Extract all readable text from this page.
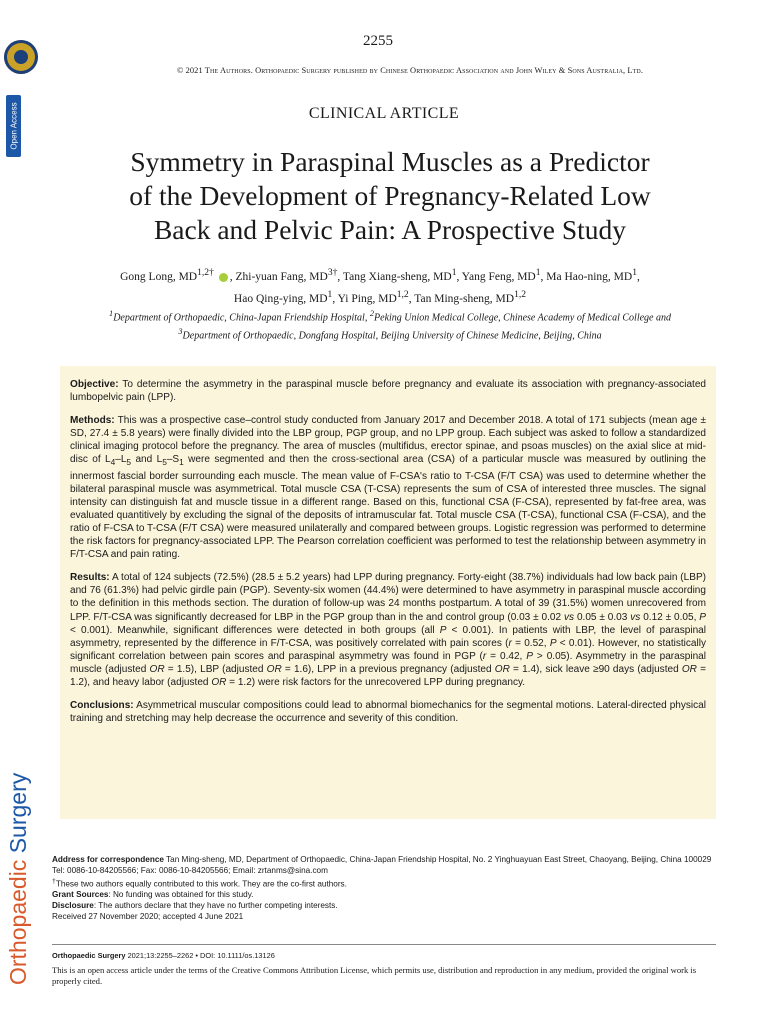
Open Access
Orthopaedic Surgery
2255
© 2021 The Authors. Orthopaedic Surgery published by Chinese Orthopaedic Association and John Wiley & Sons Australia, Ltd.
CLINICAL ARTICLE
Symmetry in Paraspinal Muscles as a Predictor
of the Development of Pregnancy-Related Low
Back and Pelvic Pain: A Prospective Study
Gong Long, $MD^{1,2\dagger}$ , Zhi-yuan Fang, $MD^{3\dagger}$, Tang Xiang-sheng, $MD^1$, Yang Feng, $MD^1$, Ma Hao-ning, $MD^1$,
Hao Qing-ying, $MD^1$, Yi Ping, MD$^{1,2}$, Tan Ming-sheng, MD$^{1,2}$
$^1$Department of Orthopaedic, China-Japan Friendship Hospital, $^2$Peking Union Medical College, Chinese Academy of Medical College and
$^3$Department of Orthopaedic, Dongfang Hospital, Beijing University of Chinese Medicine, Beijing, China

Objective: To determine the asymmetry in the paraspinal muscle before pregnancy and evaluate its association with pregnancy-associated lumbopelvic pain (LPP).

Methods: This was a prospective case–control study conducted from January 2017 and December 2018. A total of 171 subjects (mean age ± SD, 27.4 ± 5.8 years) were finally divided into the LBP group, PGP group, and no LPP group. Each subject was asked to follow a standardized clinical imaging protocol before the pregnancy. The area of muscles (multifidus, erector spinae, and psoas muscles) on the axial slice at mid-disc of $L_4-L_5$ and $L_5-S_1$ were segmented and then the cross-sectional area (CSA) of a particular muscle was measured by outlining the innermost fascial border surrounding each muscle. The mean value of F-CSA's ratio to T-CSA (F/T CSA) was used to determine whether the bilateral paraspinal muscle was asymmetrical. Total muscle CSA (T-CSA) represents the sum of CSA of interested three muscles. The signal intensity can distinguish fat and muscle tissue in a different range. Based on this, functional CSA (F-CSA), represented by fat-free area, was evaluated quantitively by excluding the signal of the deposits of intramuscular fat. Total muscle CSA (T-CSA), functional CSA (F-CSA), and the ratio of F-CSA to T-CSA (F/T CSA) were measured unilaterally and compared between groups. Logistic regression was performed to determine the risk factors for pregnancy-associated LPP. The Pearson correlation coefficient was performed to test the relationship between asymmetry in F/T-CSA and pain rating.

Results: A total of 124 subjects (72.5%) (28.5 ± 5.2 years) had LPP during pregnancy. Forty-eight (38.7%) individuals had low back pain (LBP) and 76 (61.3%) had pelvic girdle pain (PGP). Seventy-six women (44.4%) were determined to have asymmetry in paraspinal muscle according to the definition in this methods section. The duration of follow-up was 24 months postpartum. A total of 39 (31.5%) women unrecovered from LPP. F/T-CSA was significantly decreased for LBP in the PGP group than in the and control group (0.03 ± 0.02 vs 0.05 ± 0.03 vs 0.12 ± 0.05, P < 0.001). Meanwhile, significant differences were detected in both groups (all P < 0.001). In patients with LBP, the level of paraspinal asymmetry, represented by the difference in F/T-CSA, was positively correlated with pain scores (r = 0.52, P < 0.01). However, no statistically significant correlation between pain scores and paraspinal asymmetry was found in PGP (r = 0.42, P > 0.05). Asymmetry in the paraspinal muscle (adjusted OR = 1.5), LBP (adjusted OR = 1.6), LPP in a previous pregnancy (adjusted OR = 1.4), sick leave ≥90 days (adjusted OR = 1.2), and heavy labor (adjusted OR = 1.2) were risk factors for the unrecovered LPP during pregnancy.

Conclusions: Asymmetrical muscular compositions could lead to abnormal biomechanics for the segmental motions. Lateral-directed physical training and stretching may help decrease the occurrence and severity of this condition.

Address for correspondence Tan Ming-sheng, MD, Department of Orthopaedic, China-Japan Friendship Hospital, No. 2 Yinghuayuan East Street, Chaoyang, Beijing, China 100029 Tel: 0086-10-84205566; Fax: 0086-10-84205566; Email: zrtanms@sina.com

†These two authors equally contributed to this work. They are the co-first authors.

Grant Sources: No funding was obtained for this study.

Disclosure: The authors declare that they have no further competing interests.

Received 27 November 2020; accepted 4 June 2021

Orthopaedic Surgery 2021;13:2255–2262 • DOI: 10.1111/os.13126
This is an open access article under the terms of the Creative Commons Attribution License, which permits use, distribution and reproduction in any medium, provided the original work is properly cited.
